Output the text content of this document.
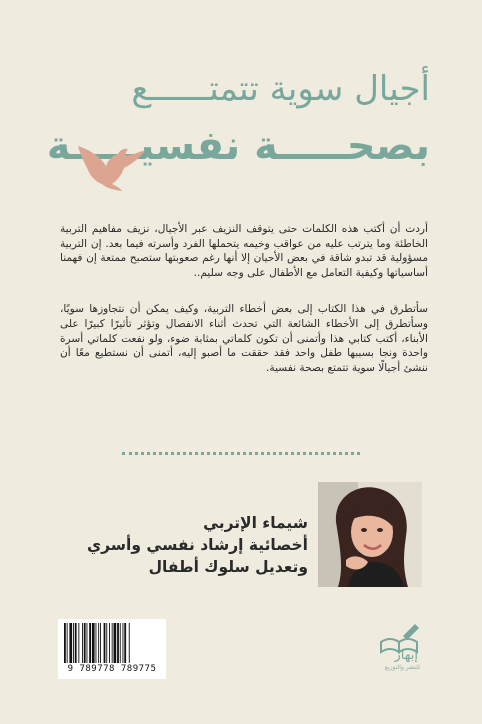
أجيال سوية تتمتــــــع
بصحـــــة نفسيـــــة

أردت أن أكتب هذه الكلمات حتى يتوقف النزيف عبر الأجيال، نزيف مفاهيم التربية الخاطئة وما يترتب عليه من عواقب وخيمه يتحملها الفرد وأسرته فيما بعد. إن التربية مسؤولية قد تبدو شاقة في بعض الأحيان إلا أنها رغم صعوبتها ستصبح ممتعة إن فهمنا أساسياتها وكيفية التعامل مع الأطفال على وجه سليم..

سأتطرق في هذا الكتاب إلى بعض أخطاء التربية، وكيف يمكن أن نتجاوزها سويًا، وسأتطرق إلى الأخطاء الشائعة التي تحدث أثناء الانفصال وتؤثر تأثيرًا كبيرًا على الأبناء، أكتب كتابي هذا وأتمنى أن تكون كلماتي بمثابة ضوء، ولو نفعت كلماتي أسرة واحدة ونجا بسببها طفل واحد فقد حققت ما أصبو إليه، أتمنى أن نستطيع معًا أن ننشئ أجيالًا سوية تتمتع بصحة نفسية.

شيماء الإتربي
أخصائية إرشاد نفسي وأسري
وتعديل سلوك أطفال
9 789778 789775
إبهار
للنشر والتوزيع
